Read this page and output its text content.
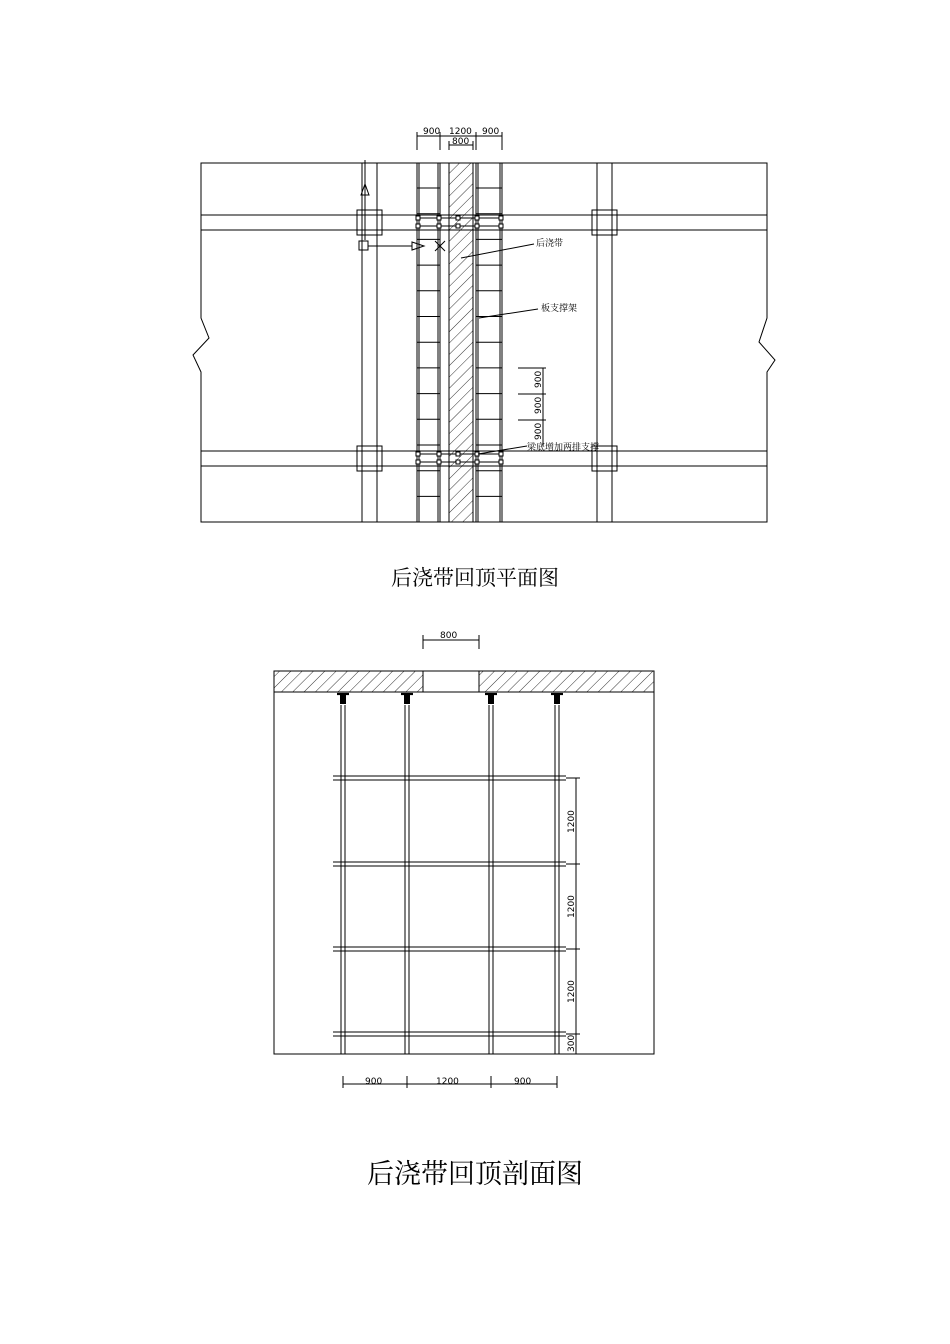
900 1200 900
800
后浇带
板支撑架
梁底增加两排支撑
900
900
900
800
900	1200	900
1200
1200
1200
300
后浇带回顶平面图
后浇带回顶剖面图
